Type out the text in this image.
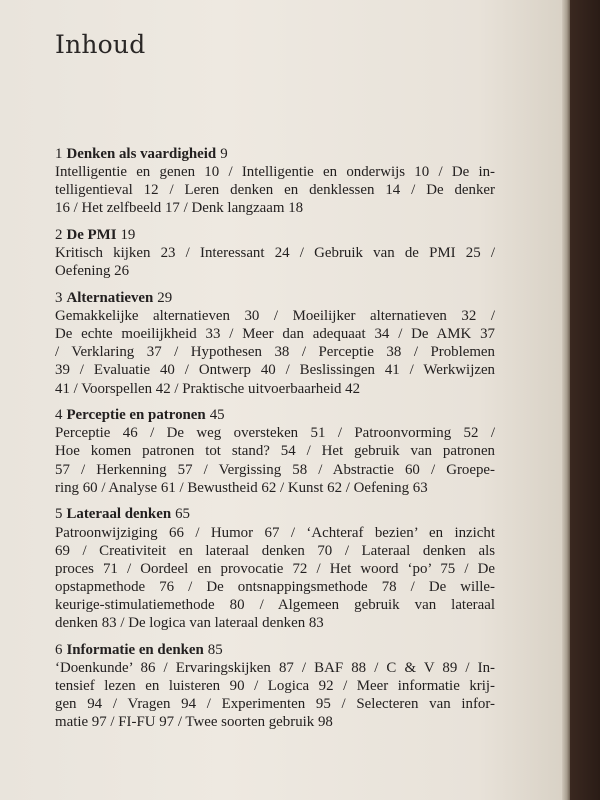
Inhoud
1 Denken als vaardigheid 9
Intelligentie en genen 10 / Intelligentie en onderwijs 10 / De in-
telligentieval 12 / Leren denken en denklessen 14 / De denker
16 / Het zelfbeeld 17 / Denk langzaam 18
2 De PMI 19
Kritisch kijken 23 / Interessant 24 / Gebruik van de PMI 25 /
Oefening 26
3 Alternatieven 29
Gemakkelijke alternatieven 30 / Moeilijker alternatieven 32 /
De echte moeilijkheid 33 / Meer dan adequaat 34 / De AMK 37
/ Verklaring 37 / Hypothesen 38 / Perceptie 38 / Problemen
39 / Evaluatie 40 / Ontwerp 40 / Beslissingen 41 / Werkwijzen
41 / Voorspellen 42 / Praktische uitvoerbaarheid 42
4 Perceptie en patronen 45
Perceptie 46 / De weg oversteken 51 / Patroonvorming 52 /
Hoe komen patronen tot stand? 54 / Het gebruik van patronen
57 / Herkenning 57 / Vergissing 58 / Abstractie 60 / Groepe-
ring 60 / Analyse 61 / Bewustheid 62 / Kunst 62 / Oefening 63
5 Lateraal denken 65
Patroonwijziging 66 / Humor 67 / ‘Achteraf bezien’ en inzicht
69 / Creativiteit en lateraal denken 70 / Lateraal denken als
proces 71 / Oordeel en provocatie 72 / Het woord ‘po’ 75 / De
opstapmethode 76 / De ontsnappingsmethode 78 / De wille-
keurige-stimulatiemethode 80 / Algemeen gebruik van lateraal
denken 83 / De logica van lateraal denken 83
6 Informatie en denken 85
‘Doenkunde’ 86 / Ervaringskijken 87 / BAF 88 / C & V 89 / In-
tensief lezen en luisteren 90 / Logica 92 / Meer informatie krij-
gen 94 / Vragen 94 / Experimenten 95 / Selecteren van infor-
matie 97 / FI-FU 97 / Twee soorten gebruik 98
